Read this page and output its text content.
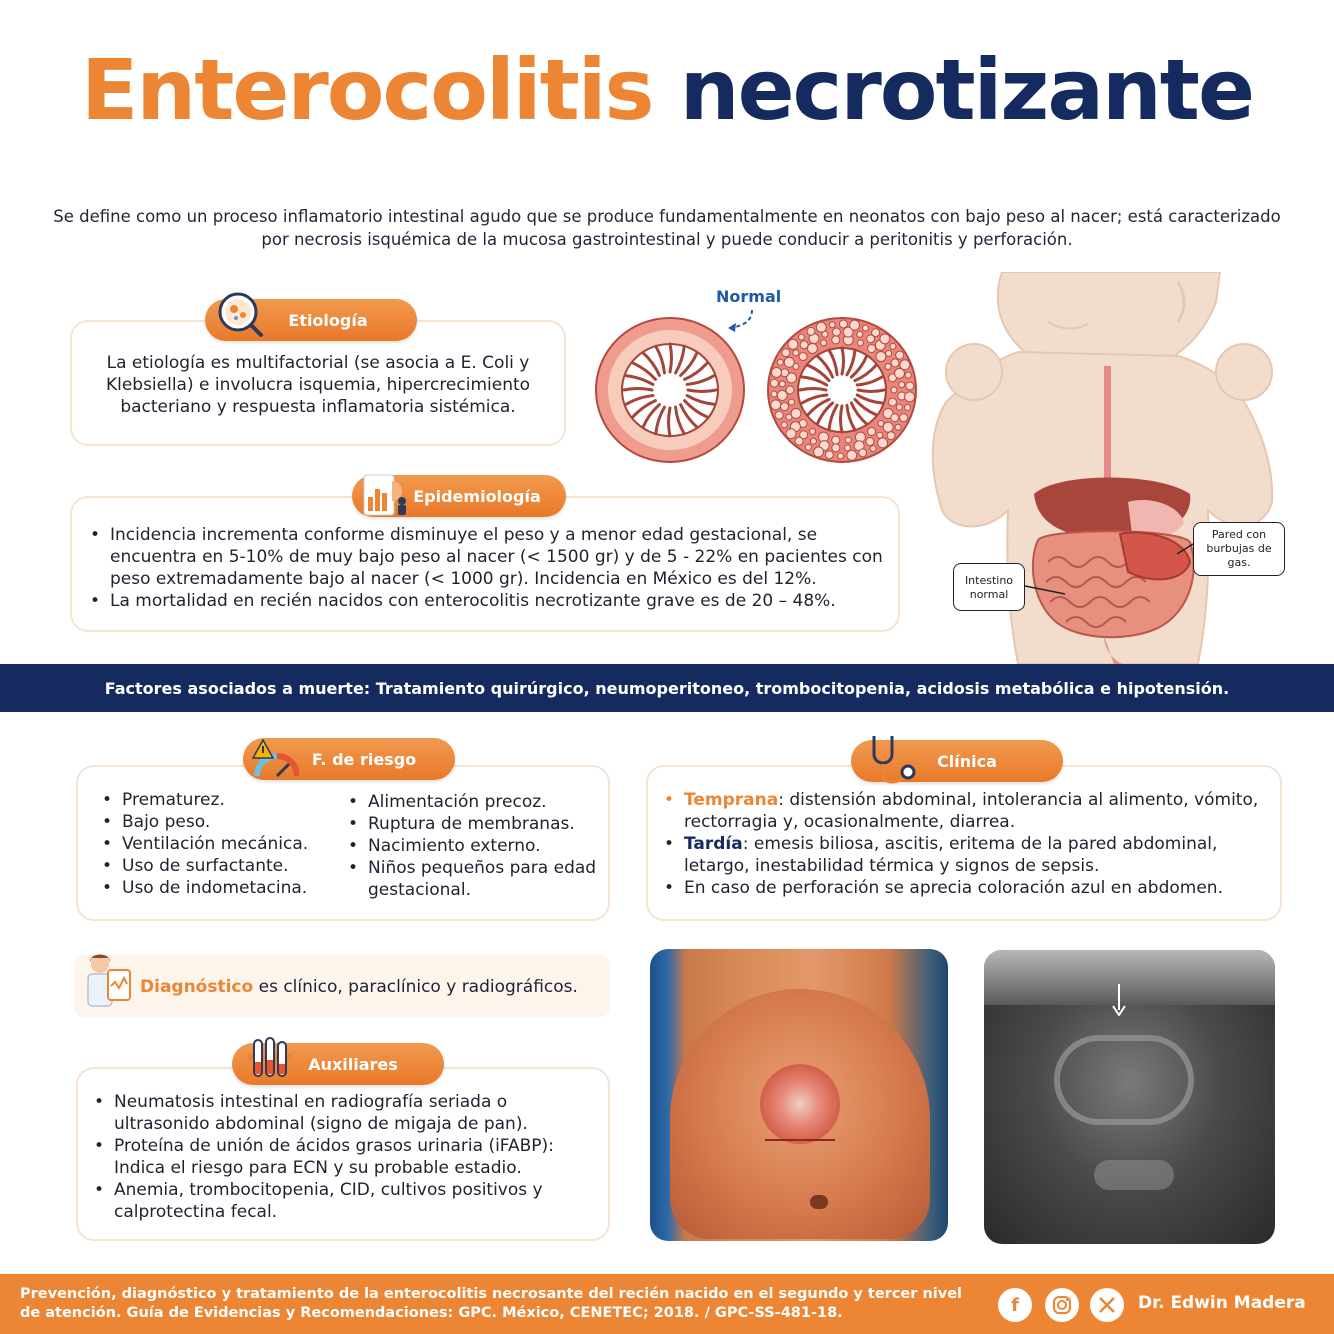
Enterocolitis necrotizante
Se define como un proceso inflamatorio intestinal agudo que se produce fundamentalmente en neonatos con bajo peso al nacer; está caracterizado por necrosis isquémica de la mucosa gastrointestinal y puede conducir a peritonitis y perforación.
La etiología es multifactorial (se asocia a E. Coli y Klebsiella) e involucra isquemia, hipercrecimiento bacteriano y respuesta inflamatoria sistémica.
Etiología
Normal
Intestino normal
Pared con burbujas de gas.
• Incidencia incrementa conforme disminuye el peso y a menor edad gestacional, se encuentra en 5-10% de muy bajo peso al nacer (< 1500 gr) y de 5 - 22% en pacientes con peso extremadamente bajo al nacer (< 1000 gr). Incidencia en México es del 12%.
• La mortalidad en recién nacidos con enterocolitis necrotizante grave es de 20 – 48%.
Epidemiología
Factores asociados a muerte: Tratamiento quirúrgico, neumoperitoneo, trombocitopenia, acidosis metabólica e hipotensión.
• Prematurez.
• Bajo peso.
• Ventilación mecánica.
• Uso de surfactante.
• Uso de indometacina.
• Alimentación precoz.
• Ruptura de membranas.
• Nacimiento externo.
• Niños pequeños para edad gestacional.
F. de riesgo
• Temprana: distensión abdominal, intolerancia al alimento, vómito, rectorragia y, ocasionalmente, diarrea.
• Tardía: emesis biliosa, ascitis, eritema de la pared abdominal, letargo, inestabilidad térmica y signos de sepsis.
• En caso de perforación se aprecia coloración azul en abdomen.
Clínica
Diagnóstico es clínico, paraclínico y radiográficos.
• Neumatosis intestinal en radiografía seriada o ultrasonido abdominal (signo de migaja de pan).
• Proteína de unión de ácidos grasos urinaria (iFABP): Indica el riesgo para ECN y su probable estadio.
• Anemia, trombocitopenia, CID, cultivos positivos y calprotectina fecal.
Auxiliares
Prevención, diagnóstico y tratamiento de la enterocolitis necrosante del recién nacido en el segundo y tercer nivel de atención. Guía de Evidencias y Recomendaciones: GPC. México, CENETEC; 2018. / GPC-SS-481-18.	f	Dr. Edwin Madera
